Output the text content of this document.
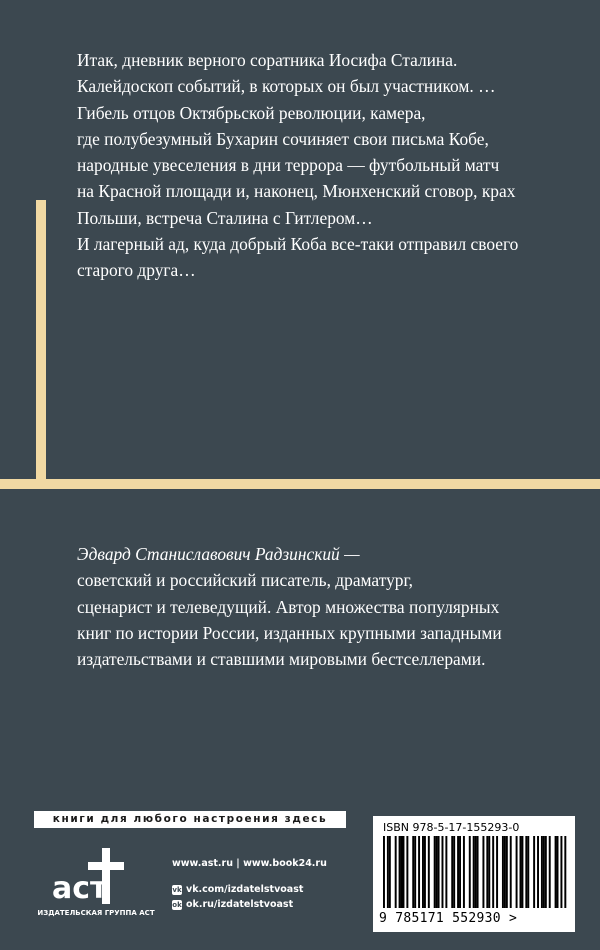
Итак, дневник верного соратника Иосифа Сталина.
Калейдоскоп событий, в которых он был участником. …
Гибель отцов Октябрьской революции, камера,
где полубезумный Бухарин сочиняет свои письма Кобе,
народные увеселения в дни террора — футбольный матч
на Красной площади и, наконец, Мюнхенский сговор, крах
Польши, встреча Сталина с Гитлером…
И лагерный ад, куда добрый Коба все-таки отправил своего
старого друга…
Эдвард Станиславович Радзинский —
советский и российский писатель, драматург,
сценарист и телеведущий. Автор множества популярных
книг по истории России, изданных крупными западными
издательствами и ставшими мировыми бестселлерами.
книги для любого настроения здесь
аст
ИЗДАТЕЛЬСКАЯ ГРУППА АСТ
www.ast.ru | www.book24.ru
vk vk.com/izdatelstvoast
ok ok.ru/izdatelstvoast
ISBN 978-5-17-155293-0
9 785171 552930 >
